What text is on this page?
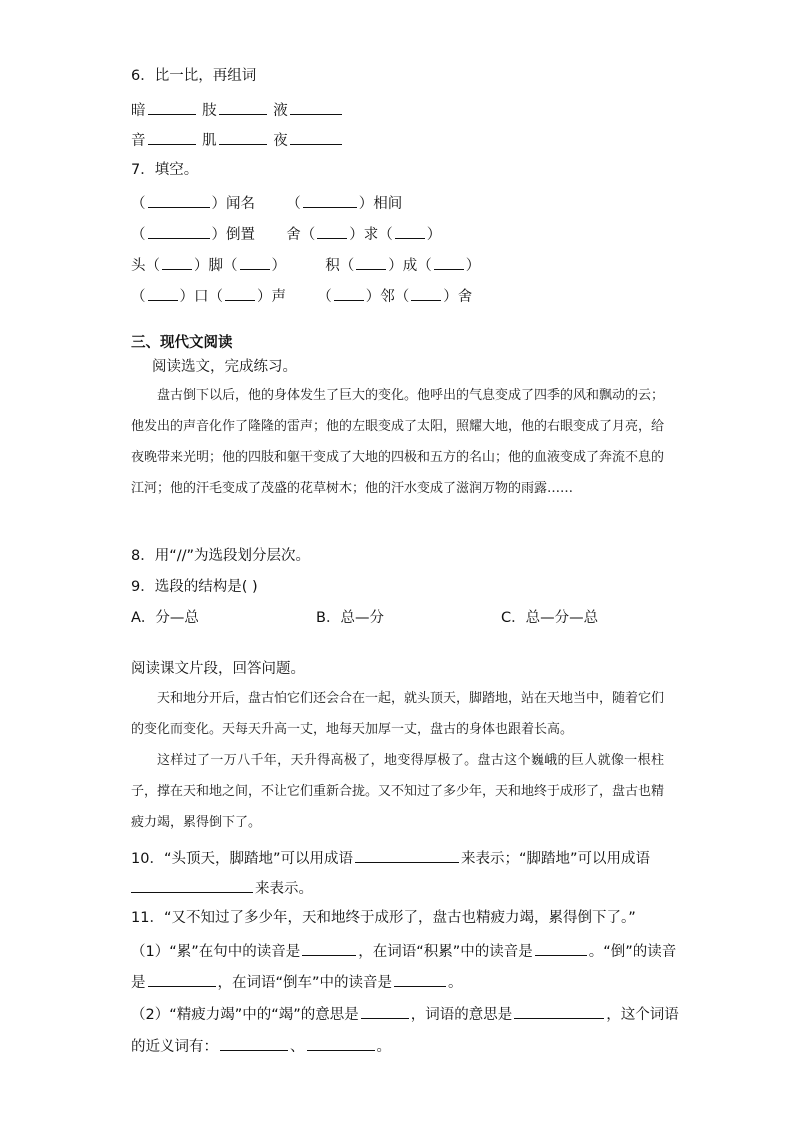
6．比一比，再组词
暗	肢	液
音	肌	夜
7．填空。
（	）闻名 （	）相间
（	）倒置 舍（ ）求（ ）
头（ ）脚（ ）	积（ ）成（ ）
（ ）口（ ）声 （ ）邻（ ）舍
三、现代文阅读
阅读选文，完成练习。

盘古倒下以后，他的身体发生了巨大的变化。他呼出的气息变成了四季的风和飘动的云；他发出的声音化作了隆隆的雷声；他的左眼变成了太阳，照耀大地，他的右眼变成了月亮，给夜晚带来光明；他的四肢和躯干变成了大地的四极和五方的名山；他的血液变成了奔流不息的江河；他的汗毛变成了茂盛的花草树木；他的汗水变成了滋润万物的雨露……

8．用“//”为选段划分层次。
9．选段的结构是( )
A．分—总	B．总—分	C．总—分—总
阅读课文片段，回答问题。

天和地分开后，盘古怕它们还会合在一起，就头顶天，脚踏地，站在天地当中，随着它们的变化而变化。天每天升高一丈，地每天加厚一丈，盘古的身体也跟着长高。

这样过了一万八千年，天升得高极了，地变得厚极了。盘古这个巍峨的巨人就像一根柱子，撑在天和地之间，不让它们重新合拢。又不知过了多少年，天和地终于成形了，盘古也精疲力竭，累得倒下了。

10．“头顶天，脚踏地”可以用成语	来表示；“脚踏地”可以用成语
来表示。
11．“又不知过了多少年，天和地终于成形了，盘古也精疲力竭，累得倒下了。”
（1）“累”在句中的读音是	，在词语“积累”中的读音是	。“倒”的读音
是	，在词语“倒车”中的读音是	。
（2）“精疲力竭”中的“竭”的意思是	，词语的意思是	，这个词语
的近义词有：	、	。
